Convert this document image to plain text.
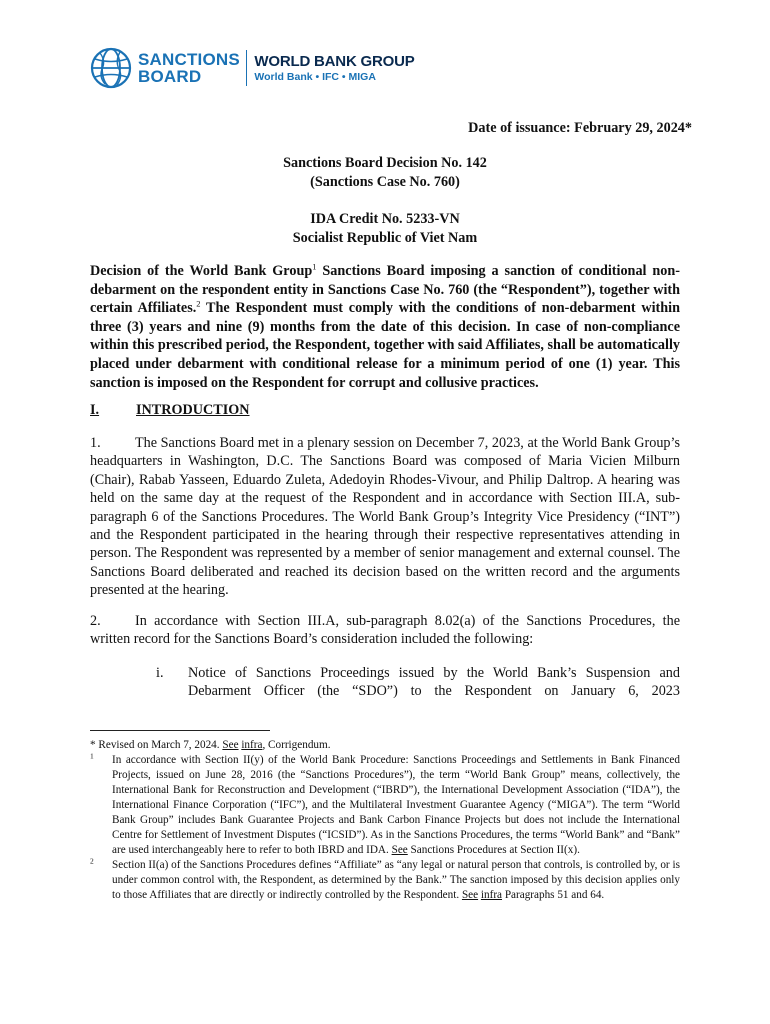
SANCTIONS
BOARD
WORLD BANK GROUP
World Bank • IFC • MIGA
Date of issuance: February 29, 2024*
Sanctions Board Decision No. 142
(Sanctions Case No. 760)
IDA Credit No. 5233-VN
Socialist Republic of Viet Nam
Decision of the World Bank Group$^1$ Sanctions Board imposing a sanction of conditional non-debarment on the respondent entity in Sanctions Case No. 760 (the “Respondent”), together with certain Affiliates.$^2$ The Respondent must comply with the conditions of non-debarment within three (3) years and nine (9) months from the date of this decision. In case of non-compliance within this prescribed period, the Respondent, together with said Affiliates, shall be automatically placed under debarment with conditional release for a minimum period of one (1) year. This sanction is imposed on the Respondent for corrupt and collusive practices.
I.	INTRODUCTION
1. The Sanctions Board met in a plenary session on December 7, 2023, at the World Bank Group’s headquarters in Washington, D.C. The Sanctions Board was composed of Maria Vicien Milburn (Chair), Rabab Yasseen, Eduardo Zuleta, Adedoyin Rhodes-Vivour, and Philip Daltrop. A hearing was held on the same day at the request of the Respondent and in accordance with Section III.A, sub-paragraph 6 of the Sanctions Procedures. The World Bank Group’s Integrity Vice Presidency (“INT”) and the Respondent participated in the hearing through their respective representatives attending in person. The Respondent was represented by a member of senior management and external counsel. The Sanctions Board deliberated and reached its decision based on the written record and the arguments presented at the hearing.
2. In accordance with Section III.A, sub-paragraph 8.02(a) of the Sanctions Procedures, the written record for the Sanctions Board’s consideration included the following:
i. Notice of Sanctions Proceedings issued by the World Bank’s Suspension and Debarment Officer (the “SDO”) to the Respondent on January 6, 2023
* Revised on March 7, 2024. See infra, Corrigendum.
$^1$ In accordance with Section II(y) of the World Bank Procedure: Sanctions Proceedings and Settlements in Bank Financed Projects, issued on June 28, 2016 (the “Sanctions Procedures”), the term “World Bank Group” means, collectively, the International Bank for Reconstruction and Development (“IBRD”), the International Development Association (“IDA”), the International Finance Corporation (“IFC”), and the Multilateral Investment Guarantee Agency (“MIGA”). The term “World Bank Group” includes Bank Guarantee Projects and Bank Carbon Finance Projects but does not include the International Centre for Settlement of Investment Disputes (“ICSID”). As in the Sanctions Procedures, the terms “World Bank” and “Bank” are used interchangeably here to refer to both IBRD and IDA. See Sanctions Procedures at Section II(x).
$^2$ Section II(a) of the Sanctions Procedures defines “Affiliate” as “any legal or natural person that controls, is controlled by, or is under common control with, the Respondent, as determined by the Bank.” The sanction imposed by this decision applies only to those Affiliates that are directly or indirectly controlled by the Respondent. See infra Paragraphs 51 and 64.
